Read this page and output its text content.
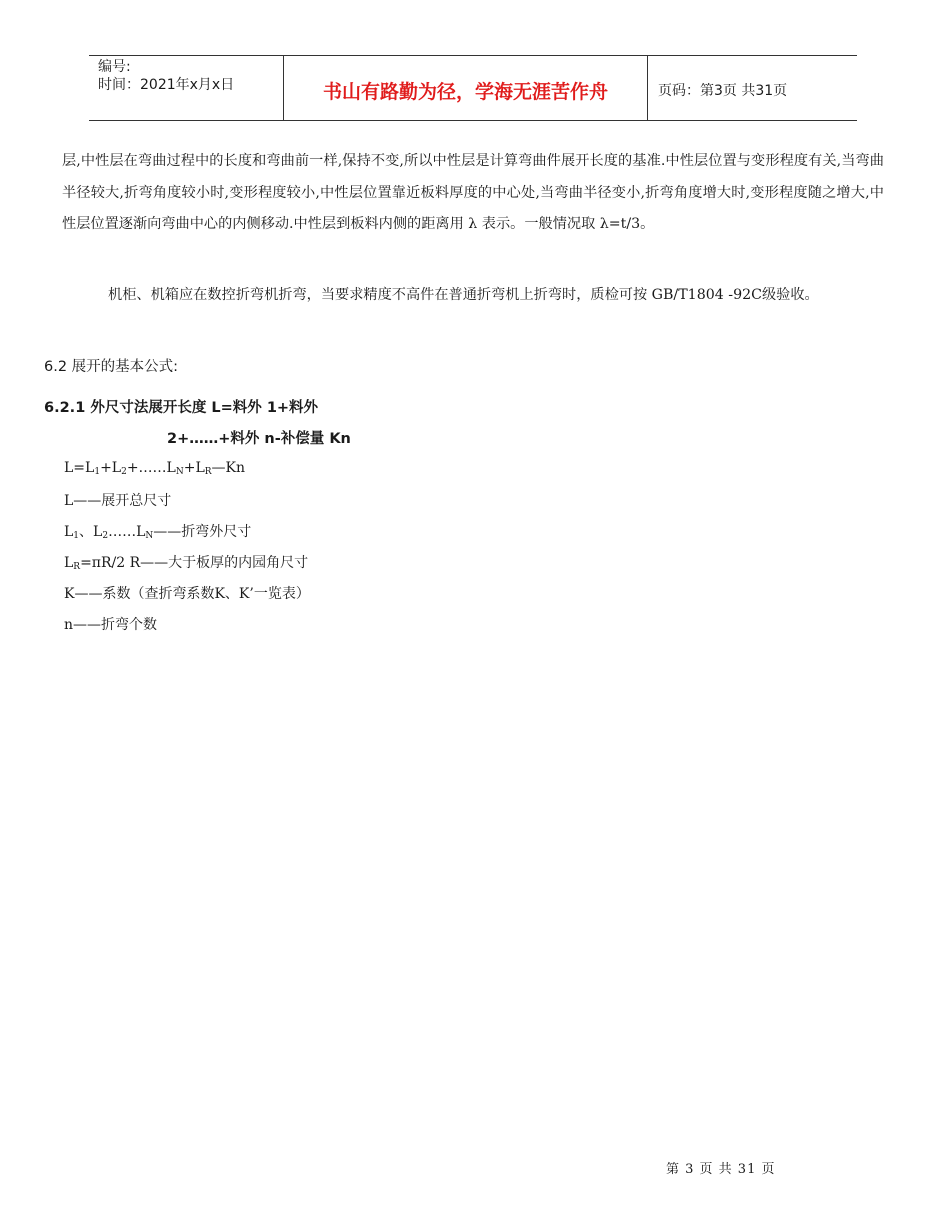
编号:
时间：2021年x月x日	书山有路勤为径，学海无涯苦作舟	页码：第3页 共31页
层,中性层在弯曲过程中的长度和弯曲前一样,保持不变,所以中性层是计算弯曲件展开长度的基准.中性层位置与变形程度有关,当弯曲半径较大,折弯角度较小时,变形程度较小,中性层位置靠近板料厚度的中心处,当弯曲半径变小,折弯角度增大时,变形程度随之增大,中性层位置逐渐向弯曲中心的内侧移动.中性层到板料内侧的距离用 λ 表示。一般情况取 λ=t/3。
机柜、机箱应在数控折弯机折弯，当要求精度不高件在普通折弯机上折弯时，质检可按 GB/T1804 -92C级验收。
6.2 展开的基本公式:
6.2.1 外尺寸法展开长度 L=料外 1+料外
2+……+料外 n-补偿量 Kn
$L=L_1+L_2+\dots\dots L_N+L_R—Kn$
L——展开总尺寸
$L_1$、$L_2\dots\dots L_N——$折弯外尺寸
$L_R=\pi R/2$ R——大于板厚的内园角尺寸
K——系数（查折弯系数K、K’一览表）
n——折弯个数
第 3 页 共 31 页
